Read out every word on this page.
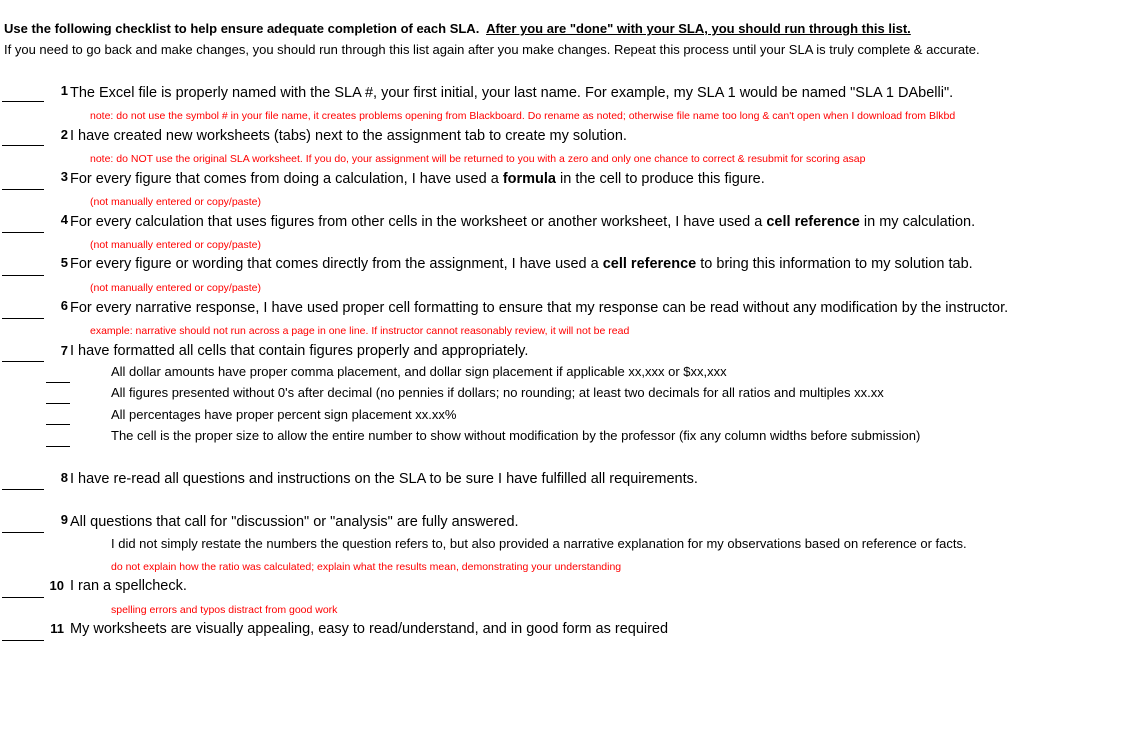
Use the following checklist to help ensure adequate completion of each SLA. After you are "done" with your SLA, you should run through this list.
If you need to go back and make changes, you should run through this list again after you make changes. Repeat this process until your SLA is truly complete & accurate.
1 The Excel file is properly named with the SLA #, your first initial, your last name. For example, my SLA 1 would be named "SLA 1 DAbelli".
note: do not use the symbol # in your file name, it creates problems opening from Blackboard. Do rename as noted; otherwise file name too long & can't open when I download from Blkbd
2 I have created new worksheets (tabs) next to the assignment tab to create my solution.
note: do NOT use the original SLA worksheet. If you do, your assignment will be returned to you with a zero and only one chance to correct & resubmit for scoring asap
3 For every figure that comes from doing a calculation, I have used a formula in the cell to produce this figure.
(not manually entered or copy/paste)
4 For every calculation that uses figures from other cells in the worksheet or another worksheet, I have used a cell reference in my calculation.
(not manually entered or copy/paste)
5 For every figure or wording that comes directly from the assignment, I have used a cell reference to bring this information to my solution tab.
(not manually entered or copy/paste)
6 For every narrative response, I have used proper cell formatting to ensure that my response can be read without any modification by the instructor.
example: narrative should not run across a page in one line. If instructor cannot reasonably review, it will not be read
7 I have formatted all cells that contain figures properly and appropriately.
All dollar amounts have proper comma placement, and dollar sign placement if applicable xx,xxx or $xx,xxx
All figures presented without 0's after decimal (no pennies if dollars; no rounding; at least two decimals for all ratios and multiples xx.xx
All percentages have proper percent sign placement xx.xx%
The cell is the proper size to allow the entire number to show without modification by the professor (fix any column widths before submission)
8 I have re-read all questions and instructions on the SLA to be sure I have fulfilled all requirements.
9 All questions that call for "discussion" or "analysis" are fully answered.
I did not simply restate the numbers the question refers to, but also provided a narrative explanation for my observations based on reference or facts.
do not explain how the ratio was calculated; explain what the results mean, demonstrating your understanding
10 I ran a spellcheck.
spelling errors and typos distract from good work
11 My worksheets are visually appealing, easy to read/understand, and in good form as required
